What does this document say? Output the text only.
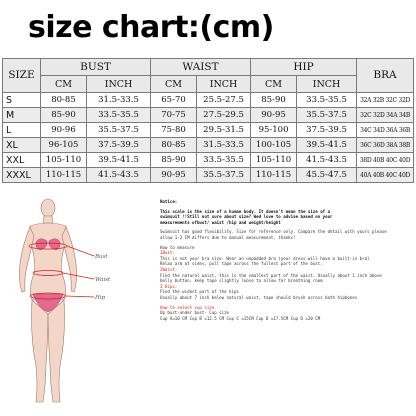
size chart:(cm)
SIZE	BUST		WAIST		HIP		BRA
	CM	INCH	CM	INCH	CM	INCH	
S	80-85	31.5-33.5	65-70	25.5-27.5	85-90	33.5-35.5	32A 32B 32C 32D
M	85-90	33.5-35.5	70-75	27.5-29.5	90-95	35.5-37.5	32C 32D 34A 34B
L	90-96	35.5-37.5	75-80	29.5-31.5	95-100	37.5-39.5	34C 34D 36A 36B
XL	96-105	37.5-39.5	80-85	31.5-33.5	100-105	39.5-41.5	36C 36D 38A 38B
XXL	105-110	39.5-41.5	85-90	33.5-35.5	105-110	41.5-43.5	38D 40B 40C 40D
XXXL	110-115	41.5-43.5	90-95	35.5-37.5	110-115	45.5-47.5	40A 40B 40C 40D
Bust
Waist
Hip

Notice:

This scale is the size of a human body. It doesn't mean the size of a

swimsuit !!Still not sure about size? Wed love to advise based on your

measurements ofbust/ waist /hip and weight/height

Swimsuit has good flexibility. Size for reference only. Compare the detail with yours please

allow 1-2 CM differs due to manual measurement, thanks!

How to measure

1Bust:

This is not your bra size. Wear an unpadded bra (your dress will have a built-in bra)

Relax arm at sides, pull tape across the fullest part of the bust.

2Waist:

Find the natural waist, this is the smallest part of the waist. Usually about 1 inch above

belly button, keep tape slightly loose to allow for breathing room

3 Hips:

Find the widest part of the hips

Usually about 7 inch below natural waist, tape should brush across both hipbones

How to select cup size

Up bust-under bust- Cup size

Cup A=10 CM Cup B =12.5 CM Cup C =15CM Cup D =17.5CM Cup D =20 CM
